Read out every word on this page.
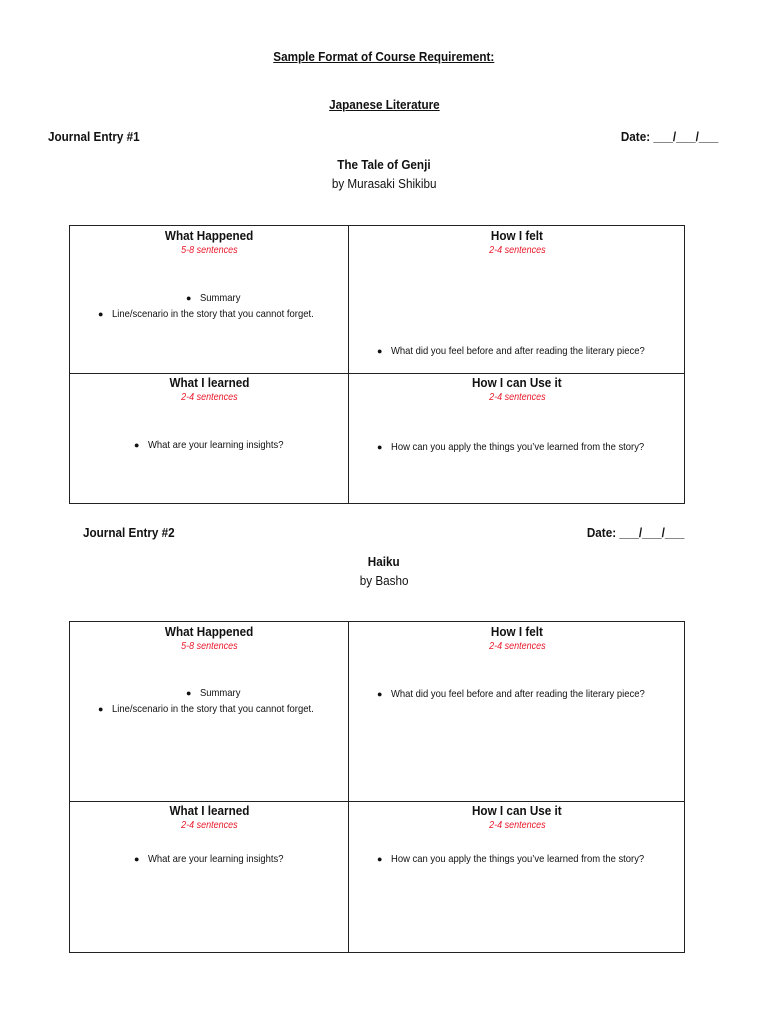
Sample Format of Course Requirement:
Japanese Literature
Journal Entry #1	Date: ___/___/___
The Tale of Genji
by Murasaki Shikibu
What Happened
5-8 sentences
● Summary
● Line/scenario in the story that you cannot forget.
How I felt
2-4 sentences
● What did you feel before and after reading the literary piece?
What I learned
2-4 sentences
● What are your learning insights?
How I can Use it
2-4 sentences
● How can you apply the things you’ve learned from the story?
Journal Entry #2	Date: ___/___/___
Haiku
by Basho
What Happened
5-8 sentences
● Summary
● Line/scenario in the story that you cannot forget.
How I felt
2-4 sentences
● What did you feel before and after reading the literary piece?
What I learned
2-4 sentences
● What are your learning insights?
How I can Use it
2-4 sentences
● How can you apply the things you’ve learned from the story?
